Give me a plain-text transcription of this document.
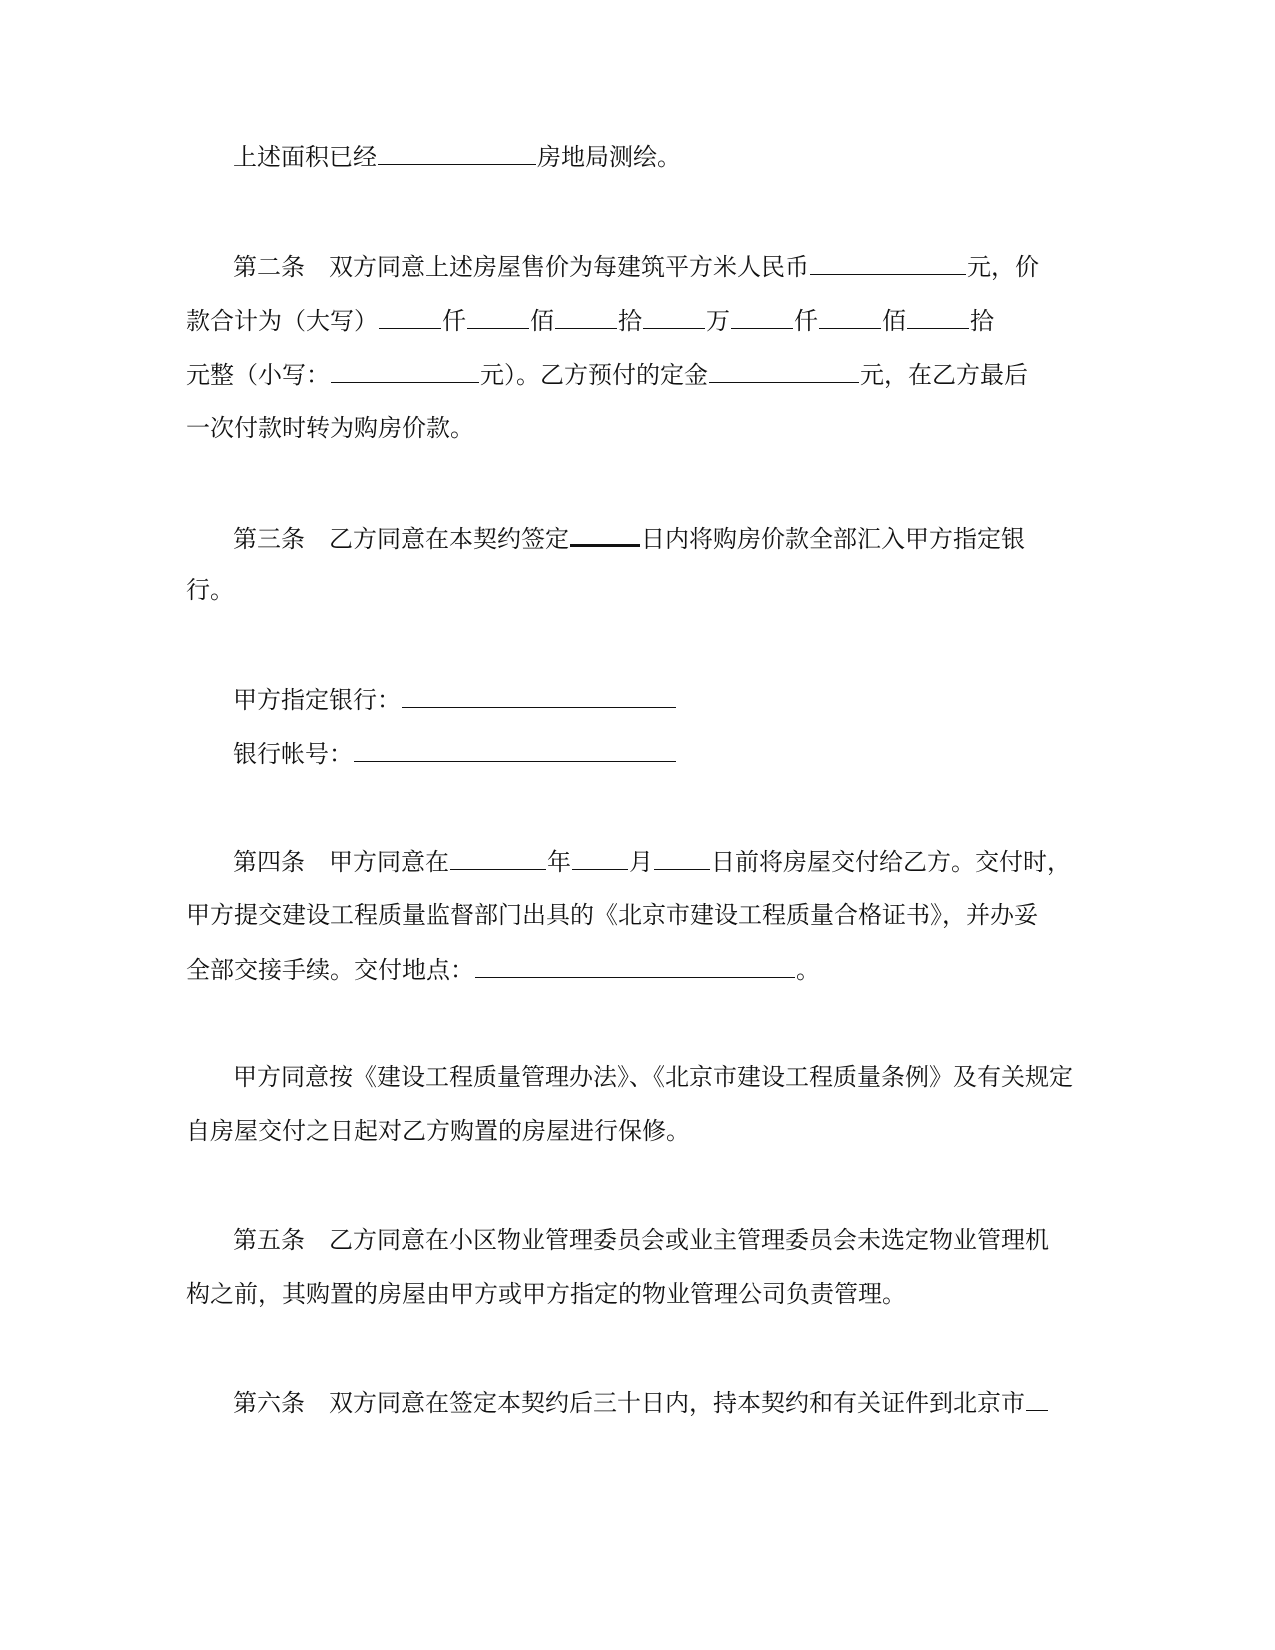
上述面积已经	房地局测绘。
第二条　双方同意上述房屋售价为每建筑平方米人民币	元，价
款合计为（大写）	仟	佰	拾	万	仟	佰	拾
元整（小写：	元）。乙方预付的定金	元，在乙方最后
一次付款时转为购房价款。
第三条　乙方同意在本契约签定	日内将购房价款全部汇入甲方指定银
行。
甲方指定银行：
银行帐号：
第四条　甲方同意在	年 月 日前将房屋交付给乙方。交付时，
甲方提交建设工程质量监督部门出具的《北京市建设工程质量合格证书》，并办妥
全部交接手续。交付地点：	。
甲方同意按《建设工程质量管理办法》、《北京市建设工程质量条例》及有关规定
自房屋交付之日起对乙方购置的房屋进行保修。
第五条　乙方同意在小区物业管理委员会或业主管理委员会未选定物业管理机
构之前，其购置的房屋由甲方或甲方指定的物业管理公司负责管理。
第六条　双方同意在签定本契约后三十日内，持本契约和有关证件到北京市
